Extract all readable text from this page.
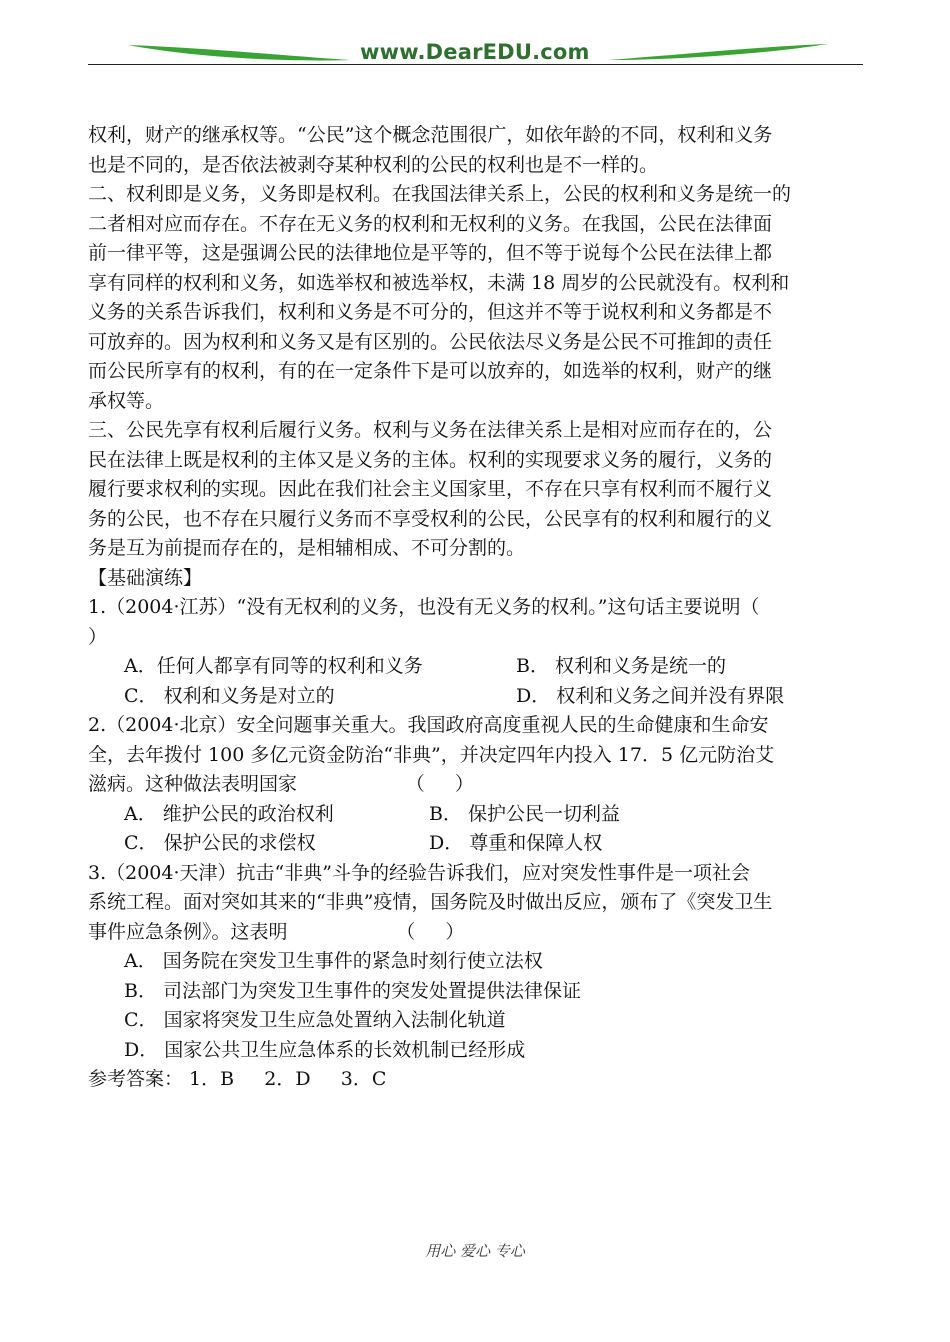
www.DearEDU.com

权利，财产的继承权等。“公民”这个概念范围很广，如依年龄的不同，权利和义务

也是不同的，是否依法被剥夺某种权利的公民的权利也是不一样的。

二、权利即是义务，义务即是权利。在我国法律关系上，公民的权利和义务是统一的

二者相对应而存在。不存在无义务的权利和无权利的义务。在我国，公民在法律面

前一律平等，这是强调公民的法律地位是平等的，但不等于说每个公民在法律上都

享有同样的权利和义务，如选举权和被选举权，未满 18 周岁的公民就没有。权利和

义务的关系告诉我们，权利和义务是不可分的，但这并不等于说权利和义务都是不

可放弃的。因为权利和义务又是有区别的。公民依法尽义务是公民不可推卸的责任

而公民所享有的权利，有的在一定条件下是可以放弃的，如选举的权利，财产的继

承权等。

三、公民先享有权利后履行义务。权利与义务在法律关系上是相对应而存在的，公

民在法律上既是权利的主体又是义务的主体。权利的实现要求义务的履行，义务的

履行要求权利的实现。因此在我们社会主义国家里，不存在只享有权利而不履行义

务的公民，也不存在只履行义务而不享受权利的公民，公民享有的权利和履行的义

务是互为前提而存在的，是相辅相成、不可分割的。

【基础演练】

1.（2004·江苏）“没有无权利的义务，也没有无义务的权利。”这句话主要说明（

）

A．任何人都享有同等的权利和义务	B． 权利和义务是统一的
C． 权利和义务是对立的	D． 权利和义务之间并没有界限

2.（2004·北京）安全问题事关重大。我国政府高度重视人民的生命健康和生命安

全，去年拨付 100 多亿元资金防治“非典”，并决定四年内投入 17．5 亿元防治艾

滋病。这种做法表明国家                  （     ）

A． 维护公民的政治权利	B． 保护公民一切利益
C． 保护公民的求偿权	D． 尊重和保障人权

3.（2004·天津）抗击“非典”斗争的经验告诉我们，应对突发性事件是一项社会

系统工程。面对突如其来的“非典”疫情，国务院及时做出反应，颁布了《突发卫生

事件应急条例》。这表明                  （     ）

A． 国务院在突发卫生事件的紧急时刻行使立法权

B． 司法部门为突发卫生事件的突发处置提供法律保证

C． 国家将突发卫生应急处置纳入法制化轨道

D． 国家公共卫生应急体系的长效机制已经形成

参考答案： 1．B     2．D     3．C

用心 爱心 专心
